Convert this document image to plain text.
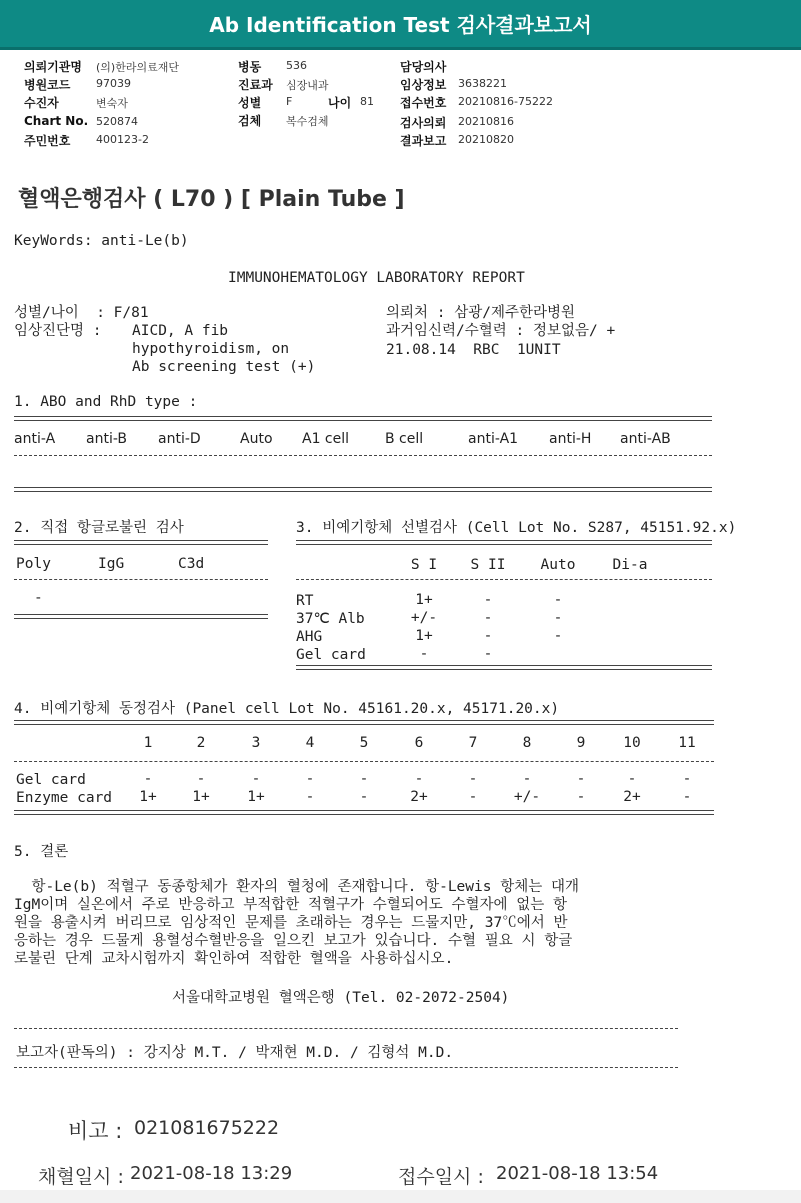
Ab Identification Test 검사결과보고서
의뢰기관명 (의)한라의료재단
병원코드 97039
수진자	변숙자
Chart No. 520874
주민번호 400123-2
병동 536
진료과 심장내과
성별 F	나이 81
검체 복수검체
담당의사
임상정보 3638221
접수번호 20210816-75222
검사의뢰 20210816
결과보고 20210820
혈액은행검사 ( L70 ) [ Plain Tube ]
KeyWords: anti-Le(b)
IMMUNOHEMATOLOGY LABORATORY REPORT
성별/나이  : F/81
임상진단명 : AICD, A fib
hypothyroidism, on
Ab screening test (+)
의뢰처 : 삼광/제주한라병원
과거임신력/수혈력 : 정보없음/ +
21.08.14  RBC  1UNIT
1. ABO and RhD type :
2. 직접 항글로불린 검사
Poly	IgG	C3d
-
3. 비예기항체 선별검사 (Cell Lot No. S287, 45151.92.x)
4. 비예기항체 동정검사 (Panel cell Lot No. 45161.20.x, 45171.20.x)
5. 결론
항-Le(b) 적혈구 동종항체가 환자의 혈청에 존재합니다. 항-Lewis 항체는 대개
IgM이며 실온에서 주로 반응하고 부적합한 적혈구가 수혈되어도 수혈자에 없는 항
원을 용출시켜 버리므로 임상적인 문제를 초래하는 경우는 드물지만, 37℃에서 반
응하는 경우 드물게 용혈성수혈반응을 일으킨 보고가 있습니다. 수혈 필요 시 항글
로불린 단계 교차시험까지 확인하여 적합한 혈액을 사용하십시오.
서울대학교병원 혈액은행 (Tel. 02-2072-2504)
보고자(판독의) : 강지상 M.T. / 박재현 M.D. / 김형석 M.D.
비고 : 021081675222
채혈일시 : 2021-08-18 13:29	접수일시 : 2021-08-18 13:54
anti-A anti-B anti-D	Auto A1 cell	B cell	anti-A1 anti-H anti-AB
S I	S II	Auto	Di-a
RT	1+	-	-
37℃ Alb	+/-	-	-
AHG	1+	-	-
Gel card	-	-
1	2	3	4	5	6	7	8	9	10	11
Gel card	-	-	-	-	-	-	-	-	-	-	-
Enzyme card	1+	1+	1+	-	-	2+	-	+/-	-	2+	-
